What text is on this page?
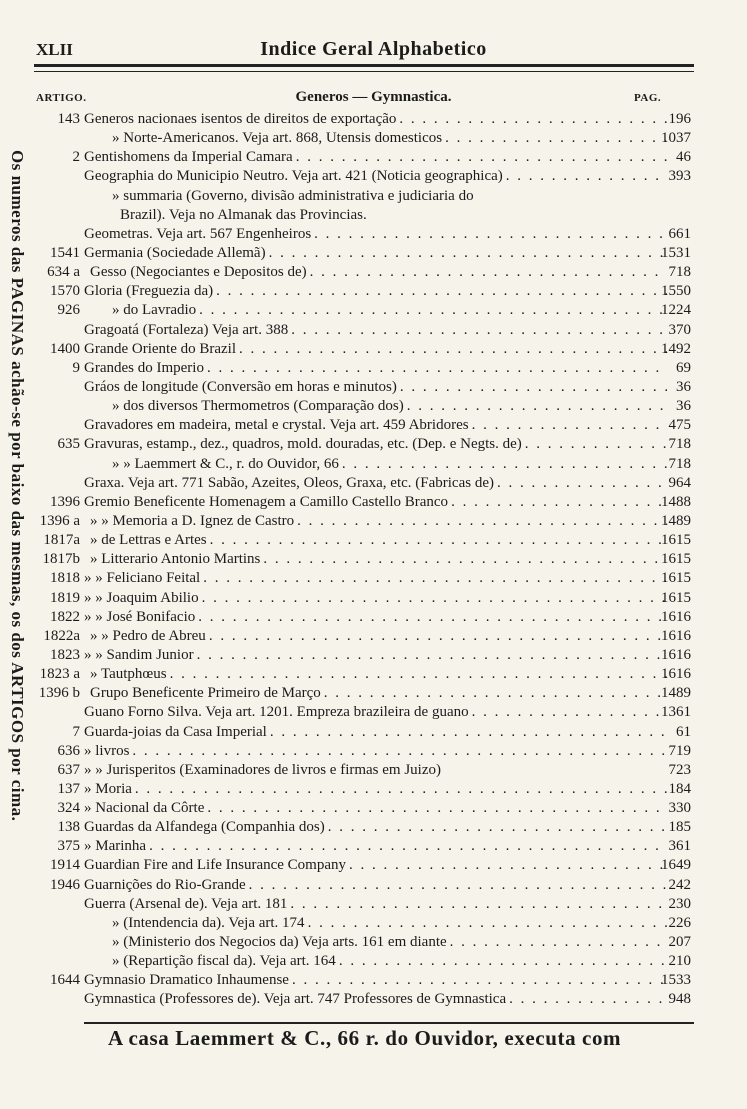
XLII	Indice Geral Alphabetico
ARTIGO.	Generos — Gymnastica.	PAG.
Os numeros das PAGINAS achão-se por baixo das mesmas, os dos ARTIGOS por cima.
143 Generos nacionaes isentos de direitos de exportação . . .	196
» Norte-Americanos. Veja art. 868, Utensis domesticos . . .	1037
2 Gentishomens da Imperial Camara . . .	46
Geographia do Municipio Neutro. Veja art. 421 (Noticia geographica) . . .	393
» summaria (Governo, divisão administrativa e judiciaria do
Brazil). Veja no Almanak das Provincias.
Geometras. Veja art. 567 Engenheiros . . .	661
1541 Germania (Sociedade Allemã) . . .	1531
634 a Gesso (Negociantes e Depositos de) . . .	718
1570 Gloria (Freguezia da) . . .	1550
926 » do Lavradio . . .	1224
Gragoatá (Fortaleza) Veja art. 388 . . .	370
1400 Grande Oriente do Brazil . . .	1492
9 Grandes do Imperio . . .	69
Gráos de longitude (Conversão em horas e minutos) . . .	36
» dos diversos Thermometros (Comparação dos) . . .	36
Gravadores em madeira, metal e crystal. Veja art. 459 Abridores . . .	475
635 Gravuras, estamp., dez., quadros, mold. douradas, etc. (Dep. e Negts. de) . . .	718
» » Laemmert & C., r. do Ouvidor, 66 . . .	718
Graxa. Veja art. 771 Sabão, Azeites, Oleos, Graxa, etc. (Fabricas de) . . .	964
1396 Gremio Beneficente Homenagem a Camillo Castello Branco . . .	1488
1396 a » » Memoria a D. Ignez de Castro . . .	1489
1817a » de Lettras e Artes . . .	1615
1817b » Litterario Antonio Martins . . .	1615
1818 » » Feliciano Feital . . .	1615
1819 » » Joaquim Abilio . . .	1615
1822 » » José Bonifacio . . .	1616
1822a » » Pedro de Abreu . . .	1616
1823 » » Sandim Junior . . .	1616
1823 a » Tautphœus . . .	1616
1396 b Grupo Beneficente Primeiro de Março . . .	1489
Guano Forno Silva. Veja art. 1201. Empreza brazileira de guano . . .	1361
7 Guarda-joias da Casa Imperial . . .	61
636 » livros . . .	719
637 » » Jurisperitos (Examinadores de livros e firmas em Juizo)	723
137 » Moria . . .	184
324 » Nacional da Côrte . . .	330
138 Guardas da Alfandega (Companhia dos) . . .	185
375 » Marinha . . .	361
1914 Guardian Fire and Life Insurance Company . . .	1649
1946 Guarnições do Rio-Grande . . .	242
Guerra (Arsenal de). Veja art. 181 . . .	230
» (Intendencia da). Veja art. 174 . . .	226
» (Ministerio dos Negocios da) Veja arts. 161 em diante . . .	207
» (Repartição fiscal da). Veja art. 164 . . .	210
1644 Gymnasio Dramatico Inhaumense . . .	1533
Gymnastica (Professores de). Veja art. 747 Professores de Gymnastica . . .	948
A casa Laemmert & C., 66 r. do Ouvidor, executa com
